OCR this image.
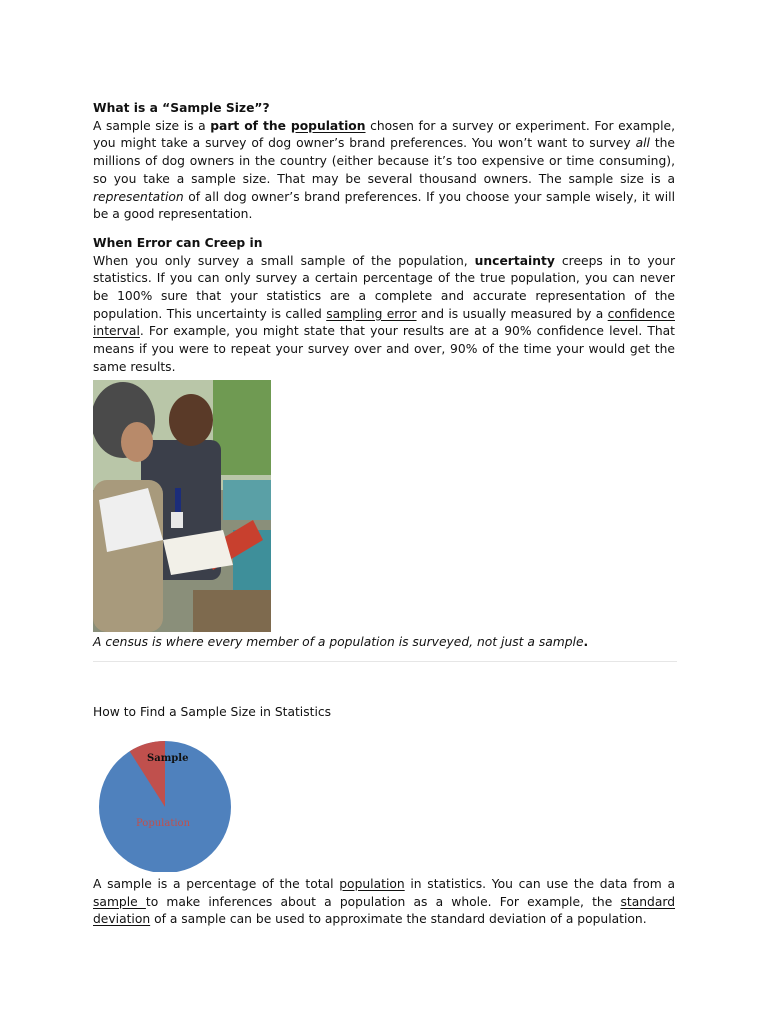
What is a “Sample Size”?

A sample size is a part of the population chosen for a survey or experiment. For example, you might take a survey of dog owner’s brand preferences. You won’t want to survey all the millions of dog owners in the country (either because it’s too expensive or time consuming), so you take a sample size. That may be several thousand owners. The sample size is a representation of all dog owner’s brand preferences. If you choose your sample wisely, it will be a good representation.

When Error can Creep in

When you only survey a small sample of the population, uncertainty creeps in to your statistics. If you can only survey a certain percentage of the true population, you can never be 100% sure that your statistics are a complete and accurate representation of the population. This uncertainty is called sampling error and is usually measured by a confidence interval. For example, you might state that your results are at a 90% confidence level. That means if you were to repeat your survey over and over, 90% of the time your would get the same results.

A census is where every member of a population is surveyed, not just a sample.

How to Find a Sample Size in Statistics

Sample
Population

A sample is a percentage of the total population in statistics. You can use the data from a sample to make inferences about a population as a whole. For example, the standard deviation of a sample can be used to approximate the standard deviation of a population.
